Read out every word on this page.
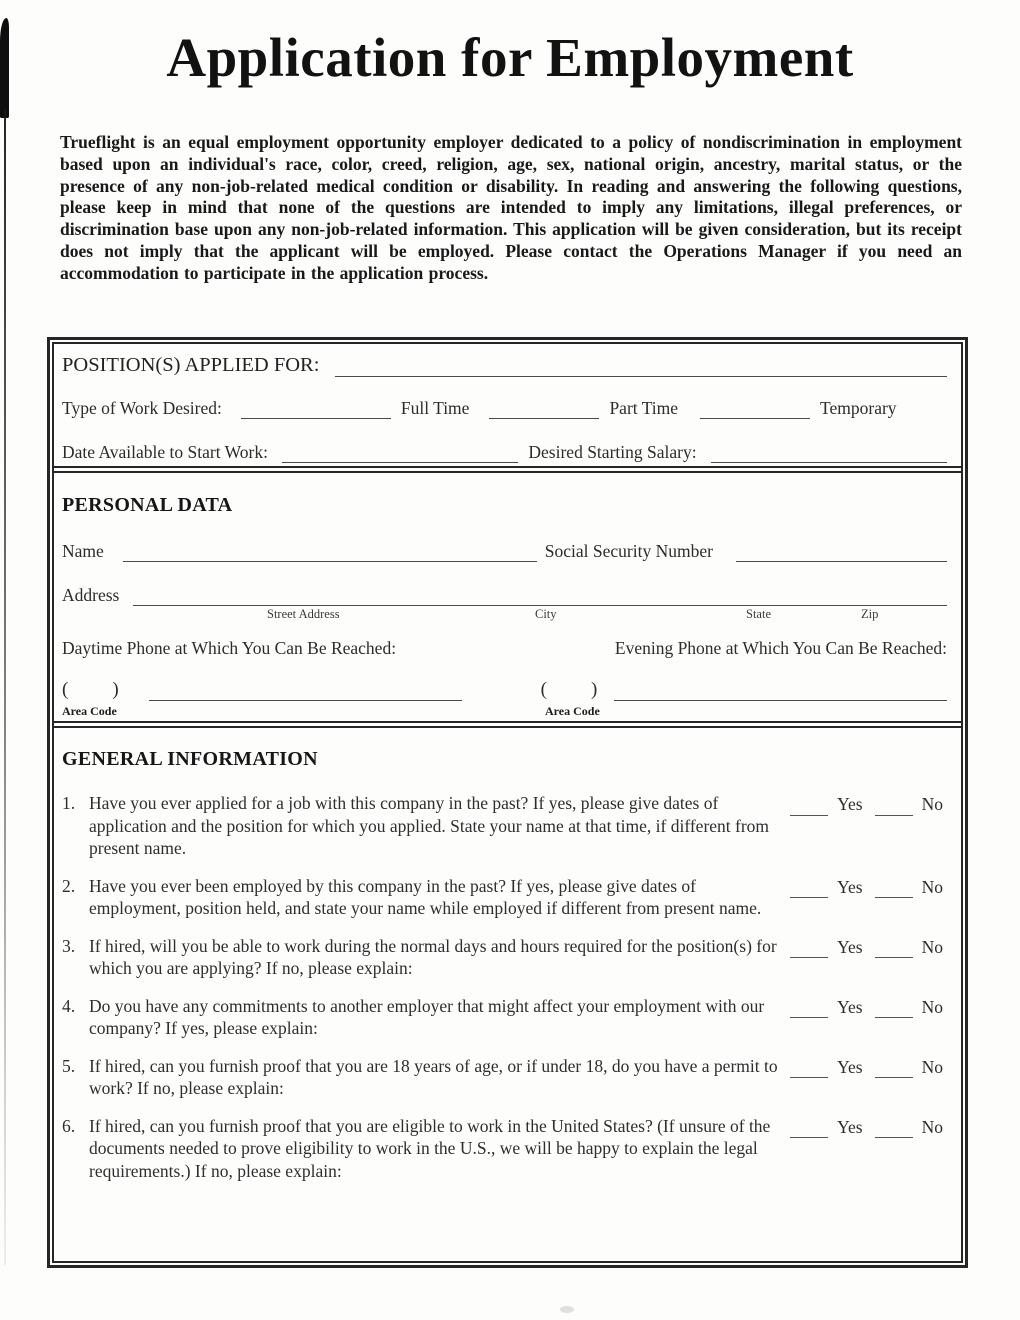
Application for Employment

Trueflight is an equal employment opportunity employer dedicated to a policy of nondiscrimination in employment based upon an individual's race, color, creed, religion, age, sex, national origin, ancestry, marital status, or the presence of any non-job-related medical condition or disability. In reading and answering the following questions, please keep in mind that none of the questions are intended to imply any limitations, illegal preferences, or discrimination base upon any non-job-related information. This application will be given consideration, but its receipt does not imply that the applicant will be employed. Please contact the Operations Manager if you need an accommodation to participate in the application process.

POSITION(S) APPLIED FOR:
Type of Work Desired:	Full Time	Part Time	Temporary
Date Available to Start Work:	Desired Starting Salary:
PERSONAL DATA
Name	Social Security Number
Address
Street Address	City	State	Zip
Daytime Phone at Which You Can Be Reached:	Evening Phone at Which You Can Be Reached:
( )	( )
Area Code	Area Code
GENERAL INFORMATION
1. Have you ever applied for a job with this company in the past? If yes, please give dates of application and the position for which you applied. State your name at that time, if different from present name.
Yes	No
2. Have you ever been employed by this company in the past? If yes, please give dates of employment, position held, and state your name while employed if different from present name.
Yes	No
3. If hired, will you be able to work during the normal days and hours required for the position(s) for which you are applying? If no, please explain:
Yes	No
4. Do you have any commitments to another employer that might affect your employment with our company? If yes, please explain:
Yes	No
5. If hired, can you furnish proof that you are 18 years of age, or if under 18, do you have a permit to work? If no, please explain:
Yes	No
6. If hired, can you furnish proof that you are eligible to work in the United States? (If unsure of the documents needed to prove eligibility to work in the U.S., we will be happy to explain the legal requirements.) If no, please explain:
Yes	No
